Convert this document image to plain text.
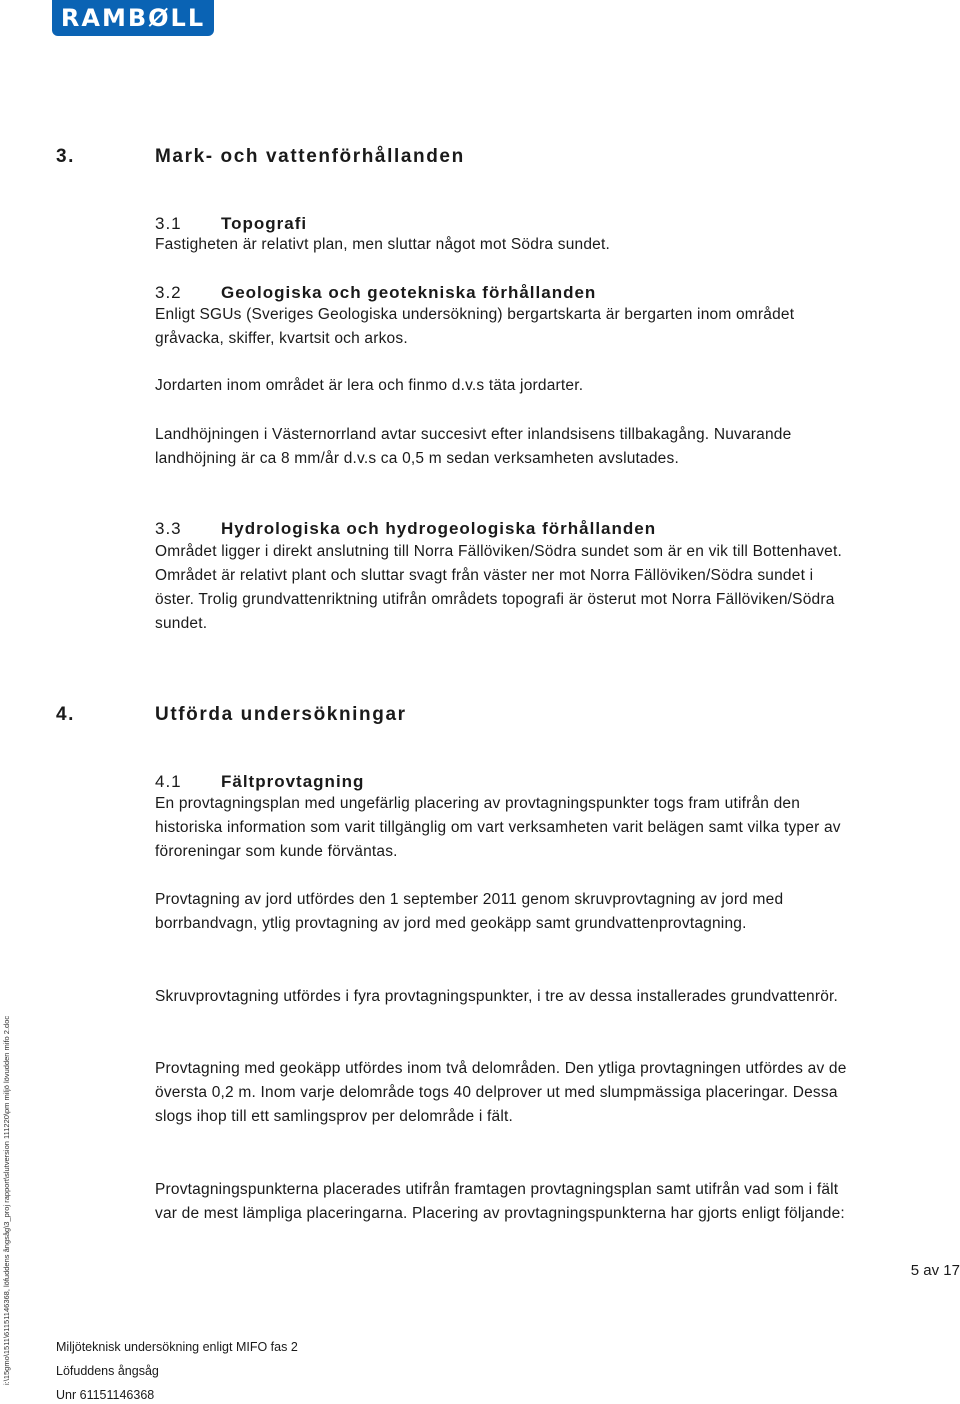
RAMBØLL
3.	Mark- och vattenförhållanden
3.1 Topografi

Fastigheten är relativt plan, men sluttar något mot Södra sundet.

3.2 Geologiska och geotekniska förhållanden

Enligt SGUs (Sveriges Geologiska undersökning) bergartskarta är bergarten inom området gråvacka, skiffer, kvartsit och arkos.

Jordarten inom området är lera och finmo d.v.s täta jordarter.

Landhöjningen i Västernorrland avtar succesivt efter inlandsisens tillbakagång. Nuvarande landhöjning är ca 8 mm/år d.v.s ca 0,5 m sedan verksamheten avslutades.

3.3 Hydrologiska och hydrogeologiska förhållanden

Området ligger i direkt anslutning till Norra Fällöviken/Södra sundet som är en vik till Bottenhavet. Området är relativt plant och sluttar svagt från väster ner mot Norra Fällöviken/Södra sundet i öster. Trolig grundvattenriktning utifrån områdets topografi är österut mot Norra Fällöviken/Södra sundet.

4.	Utförda undersökningar
4.1 Fältprovtagning

En provtagningsplan med ungefärlig placering av provtagningspunkter togs fram utifrån den historiska information som varit tillgänglig om vart verksamheten varit belägen samt vilka typer av föroreningar som kunde förväntas.

Provtagning av jord utfördes den 1 september 2011 genom skruvprovtagning av jord med borrbandvagn, ytlig provtagning av jord med geokäpp samt grundvattenprovtagning.

Skruvprovtagning utfördes i fyra provtagningspunkter, i tre av dessa installerades grundvattenrör.

Provtagning med geokäpp utfördes inom två delområden. Den ytliga provtagningen utfördes av de översta 0,2 m. Inom varje delområde togs 40 delprover ut med slumpmässiga placeringar. Dessa slogs ihop till ett samlingsprov per delområde i fält.

Provtagningspunkterna placerades utifrån framtagen provtagningsplan samt utifrån vad som i fält var de mest lämpliga placeringarna. Placering av provtagningspunkterna har gjorts enligt följande:

i:\15gmo\1511\61151146368, löfuddens ångsåg\3_proj rapport\slutversion 111220\pm miljö lövudden mifo 2.doc	5 av 17
Miljöteknisk undersökning enligt MIFO fas 2
Löfuddens ångsåg
Unr 61151146368
